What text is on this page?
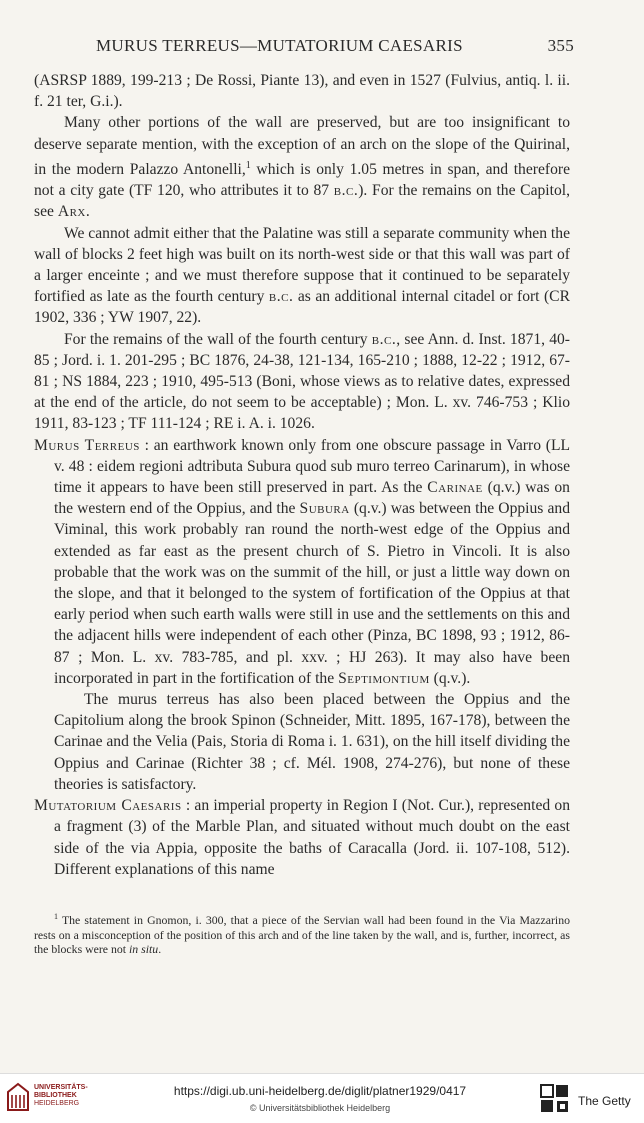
MURUS TERREUS—MUTATORIUM CAESARIS	355

(ASRSP 1889, 199-213 ; De Rossi, Piante 13), and even in 1527 (Fulvius, antiq. l. ii. f. 21 ter, G.i.).

Many other portions of the wall are preserved, but are too insignificant to deserve separate mention, with the exception of an arch on the slope of the Quirinal, in the modern Palazzo Antonelli,$^1$ which is only 1.05 metres in span, and therefore not a city gate (TF 120, who attributes it to 87 b.c.). For the remains on the Capitol, see Arx.

We cannot admit either that the Palatine was still a separate community when the wall of blocks 2 feet high was built on its north-west side or that this wall was part of a larger enceinte ; and we must therefore suppose that it continued to be separately fortified as late as the fourth century b.c. as an additional internal citadel or fort (CR 1902, 336 ; YW 1907, 22).

For the remains of the wall of the fourth century b.c., see Ann. d. Inst. 1871, 40-85 ; Jord. i. 1. 201-295 ; BC 1876, 24-38, 121-134, 165-210 ; 1888, 12-22 ; 1912, 67-81 ; NS 1884, 223 ; 1910, 495-513 (Boni, whose views as to relative dates, expressed at the end of the article, do not seem to be acceptable) ; Mon. L. xv. 746-753 ; Klio 1911, 83-123 ; TF 111-124 ; RE i. A. i. 1026.

Murus Terreus : an earthwork known only from one obscure passage in Varro (LL v. 48 : eidem regioni adtributa Subura quod sub muro terreo Carinarum), in whose time it appears to have been still preserved in part. As the Carinae (q.v.) was on the western end of the Oppius, and the Subura (q.v.) was between the Oppius and Viminal, this work probably ran round the north-west edge of the Oppius and extended as far east as the present church of S. Pietro in Vincoli. It is also probable that the work was on the summit of the hill, or just a little way down on the slope, and that it belonged to the system of fortification of the Oppius at that early period when such earth walls were still in use and the settlements on this and the adjacent hills were independent of each other (Pinza, BC 1898, 93 ; 1912, 86-87 ; Mon. L. xv. 783-785, and pl. xxv. ; HJ 263). It may also have been incorporated in part in the fortification of the Septimontium (q.v.).

The murus terreus has also been placed between the Oppius and the Capitolium along the brook Spinon (Schneider, Mitt. 1895, 167-178), between the Carinae and the Velia (Pais, Storia di Roma i. 1. 631), on the hill itself dividing the Oppius and Carinae (Richter 38 ; cf. Mél. 1908, 274-276), but none of these theories is satisfactory.

Mutatorium Caesaris : an imperial property in Region I (Not. Cur.), represented on a fragment (3) of the Marble Plan, and situated without much doubt on the east side of the via Appia, opposite the baths of Caracalla (Jord. ii. 107-108, 512). Different explanations of this name

$^1$ The statement in Gnomon, i. 300, that a piece of the Servian wall had been found in the Via Mazzarino rests on a misconception of the position of this arch and of the line taken by the wall, and is, further, incorrect, as the blocks were not in situ.

UNIVERSITÄTS-
BIBLIOTHEK
HEIDELBERG
https://digi.ub.uni-heidelberg.de/diglit/platner1929/0417
© Universitätsbibliothek Heidelberg	The Getty
